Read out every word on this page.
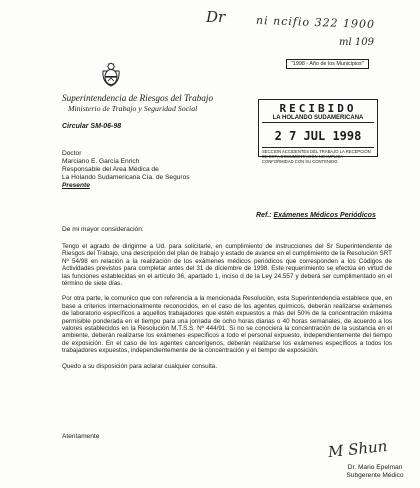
Dr	ni ncifio 322 1900
ml 109
"1998 - Año de los Municipios"
Superintendencia de Riesgos del Trabajo
Ministerio de Trabajo y Seguridad Social	RECIBIDO
LA HOLANDO SUDAMERICANA
2 7 JUL 1998
SECCION ACCIDENTES DEL TRABAJO LA RECEPCIÓN DE ESTA DOCUMENTACIÓN NO IMPLICA CONFORMIDAD CON SU CONTENIDO.
Circular SM-06-98
Doctor
Marciano E. García Enrich
Responsable del Area Médica de
La Holando Sudamericana Cía. de Seguros
Presente
Ref.: Exámenes Médicos Periódicos
De mi mayor consideración:

Tengo el agrado de dirigirme a Ud. para solicitarle, en cumplimiento de instrucciones del Sr Superintendente de Riesgos del Trabajo, una descripción del plan de trabajo y estado de avance en el cumplimiento de la Resolución SRT Nº 54/98 en relación a la realización de los exámenes médicos periódicos que corresponden a los Códigos de Actividades previstos para completar antes del 31 de diciembre de 1998. Este requerimiento se efectúa en virtud de las funciones establecidas en el artículo 36, apartado 1, inciso d de la Ley 24.557 y deberá ser cumplimentado en el término de siete días.

Por otra parte, le comunico que con referencia a la mencionada Resolución, esta Superintendencia establece que, en base a criterios internacionalmente reconocidos, en el caso de los agentes químicos, deberán realizarse exámenes de laboratorio específicos a aquellos trabajadores que estén expuestos a más del 50% de la concentración máxima permisible ponderada en el tiempo para una jornada de ocho horas diarias o 40 horas semanales, de acuerdo a los valores establecidos en la Resolución M.T.S.S. Nº 444/91. Si no se conociera la concentración de la sustancia en el ambiente, deberán realizarse los exámenes específicos a todo el personal expuesto, independientemente del tiempo de exposición. En el caso de los agentes cancerígenos, deberán realizarse los exámenes específicos a todos los trabajadores expuestos, independientemente de la concentración y el tiempo de exposición.

Quedo a su disposición para aclarar cualquier consulta.

Atentamente
M Shun
Dr. Mario Epelman
Subgerente Médico
